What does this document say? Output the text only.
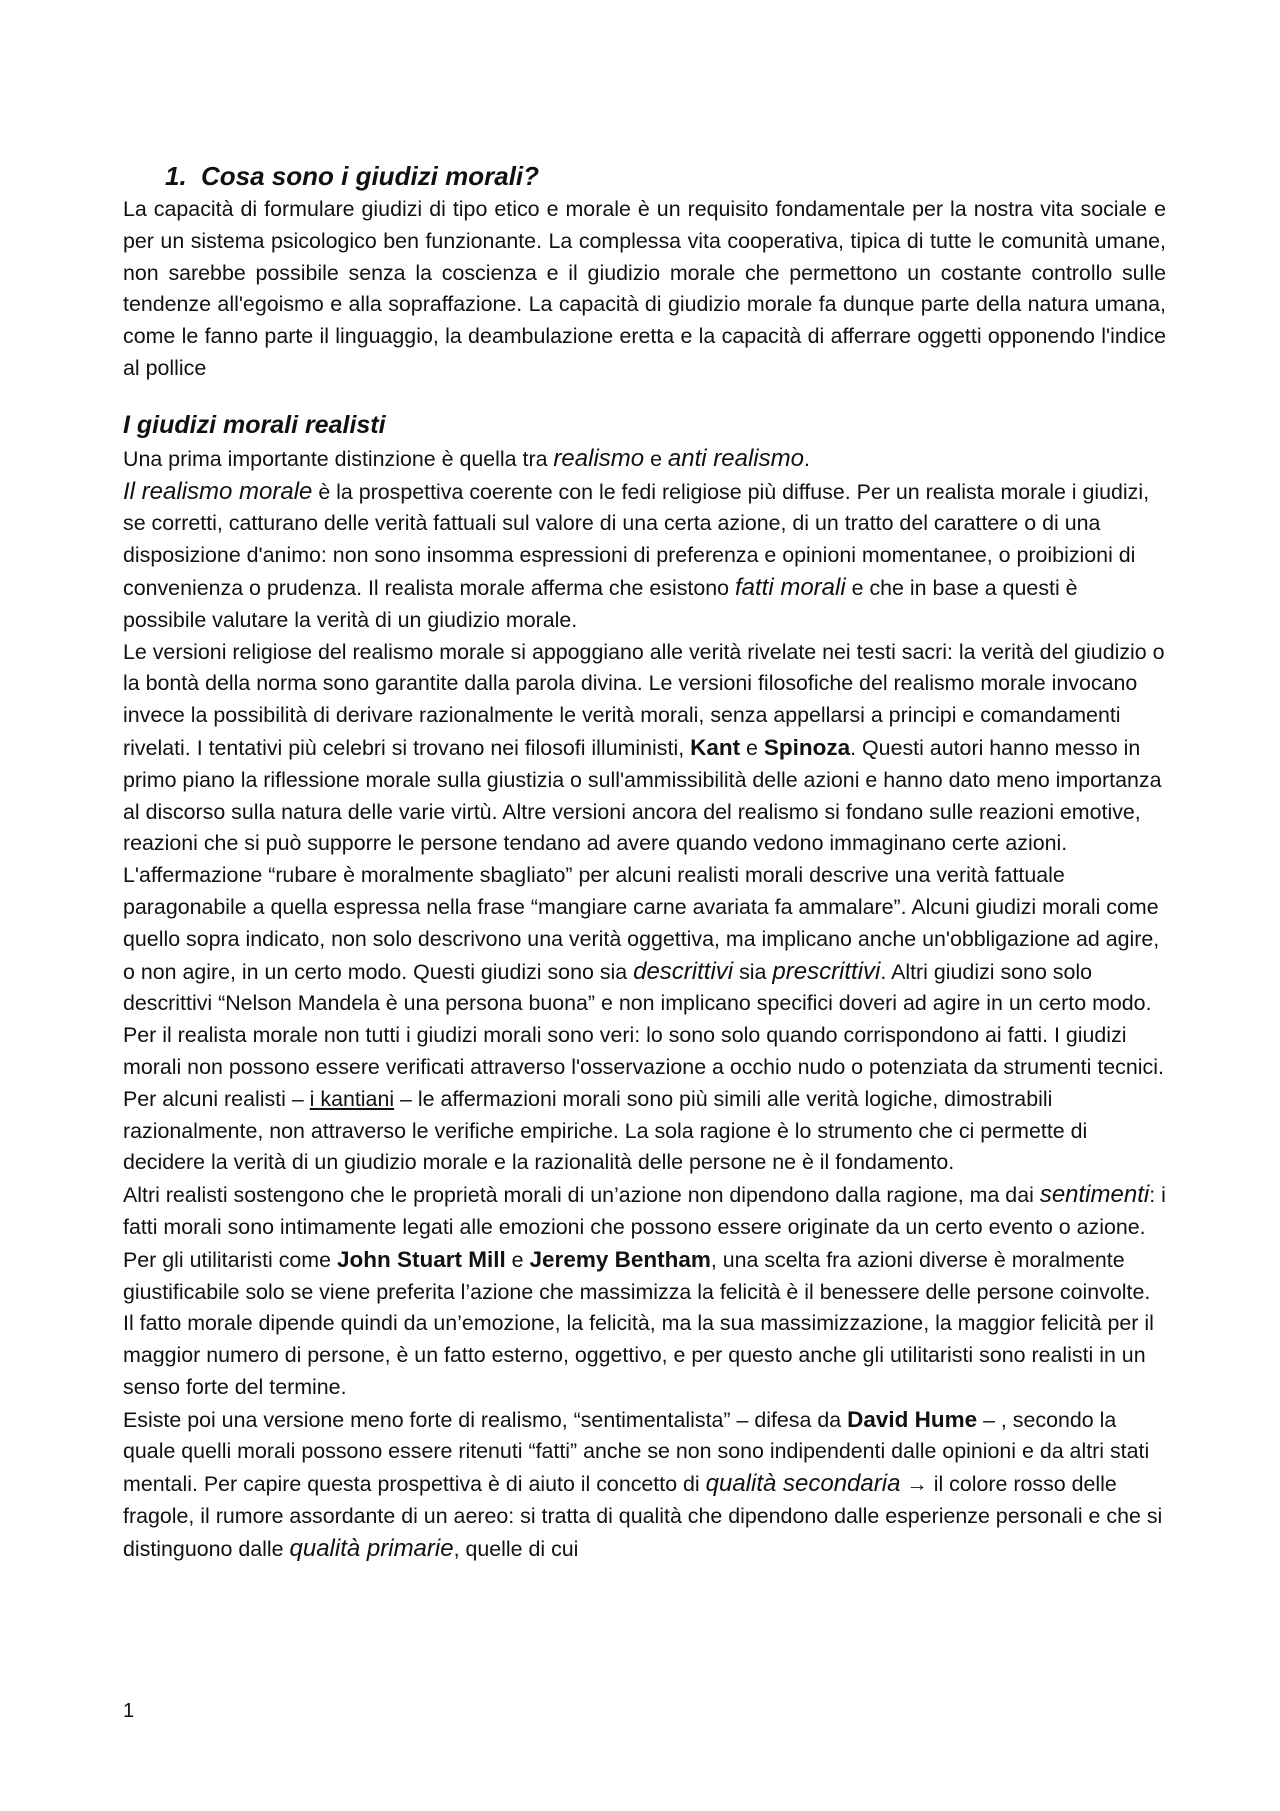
1. Cosa sono i giudizi morali?

La capacità di formulare giudizi di tipo etico e morale è un requisito fondamentale per la nostra vita sociale e per un sistema psicologico ben funzionante. La complessa vita cooperativa, tipica di tutte le comunità umane, non sarebbe possibile senza la coscienza e il giudizio morale che permettono un costante controllo sulle tendenze all'egoismo e alla sopraffazione. La capacità di giudizio morale fa dunque parte della natura umana, come le fanno parte il linguaggio, la deambulazione eretta e la capacità di afferrare oggetti opponendo l'indice al pollice

I giudizi morali realisti

Una prima importante distinzione è quella tra realismo e anti realismo.

Il realismo morale è la prospettiva coerente con le fedi religiose più diffuse. Per un realista morale i giudizi, se corretti, catturano delle verità fattuali sul valore di una certa azione, di un tratto del carattere o di una disposizione d'animo: non sono insomma espressioni di preferenza e opinioni momentanee, o proibizioni di convenienza o prudenza. Il realista morale afferma che esistono fatti morali e che in base a questi è possibile valutare la verità di un giudizio morale.

Le versioni religiose del realismo morale si appoggiano alle verità rivelate nei testi sacri: la verità del giudizio o la bontà della norma sono garantite dalla parola divina. Le versioni filosofiche del realismo morale invocano invece la possibilità di derivare razionalmente le verità morali, senza appellarsi a principi e comandamenti rivelati. I tentativi più celebri si trovano nei filosofi illuministi, Kant e Spinoza. Questi autori hanno messo in primo piano la riflessione morale sulla giustizia o sull'ammissibilità delle azioni e hanno dato meno importanza al discorso sulla natura delle varie virtù. Altre versioni ancora del realismo si fondano sulle reazioni emotive, reazioni che si può supporre le persone tendano ad avere quando vedono immaginano certe azioni.

L'affermazione “rubare è moralmente sbagliato” per alcuni realisti morali descrive una verità fattuale paragonabile a quella espressa nella frase “mangiare carne avariata fa ammalare”. Alcuni giudizi morali come quello sopra indicato, non solo descrivono una verità oggettiva, ma implicano anche un'obbligazione ad agire, o non agire, in un certo modo. Questi giudizi sono sia descrittivi sia prescrittivi. Altri giudizi sono solo descrittivi “Nelson Mandela è una persona buona” e non implicano specifici doveri ad agire in un certo modo.

Per il realista morale non tutti i giudizi morali sono veri: lo sono solo quando corrispondono ai fatti. I giudizi morali non possono essere verificati attraverso l'osservazione a occhio nudo o potenziata da strumenti tecnici. Per alcuni realisti – i kantiani – le affermazioni morali sono più simili alle verità logiche, dimostrabili razionalmente, non attraverso le verifiche empiriche. La sola ragione è lo strumento che ci permette di decidere la verità di un giudizio morale e la razionalità delle persone ne è il fondamento.

Altri realisti sostengono che le proprietà morali di un’azione non dipendono dalla ragione, ma dai sentimenti: i fatti morali sono intimamente legati alle emozioni che possono essere originate da un certo evento o azione. Per gli utilitaristi come John Stuart Mill e Jeremy Bentham, una scelta fra azioni diverse è moralmente giustificabile solo se viene preferita l’azione che massimizza la felicità è il benessere delle persone coinvolte. Il fatto morale dipende quindi da un’emozione, la felicità, ma la sua massimizzazione, la maggior felicità per il maggior numero di persone, è un fatto esterno, oggettivo, e per questo anche gli utilitaristi sono realisti in un senso forte del termine.

Esiste poi una versione meno forte di realismo, “sentimentalista” – difesa da David Hume – , secondo la quale quelli morali possono essere ritenuti “fatti” anche se non sono indipendenti dalle opinioni e da altri stati mentali. Per capire questa prospettiva è di aiuto il concetto di qualità secondaria → il colore rosso delle fragole, il rumore assordante di un aereo: si tratta di qualità che dipendono dalle esperienze personali e che si distinguono dalle qualità primarie, quelle di cui

1
